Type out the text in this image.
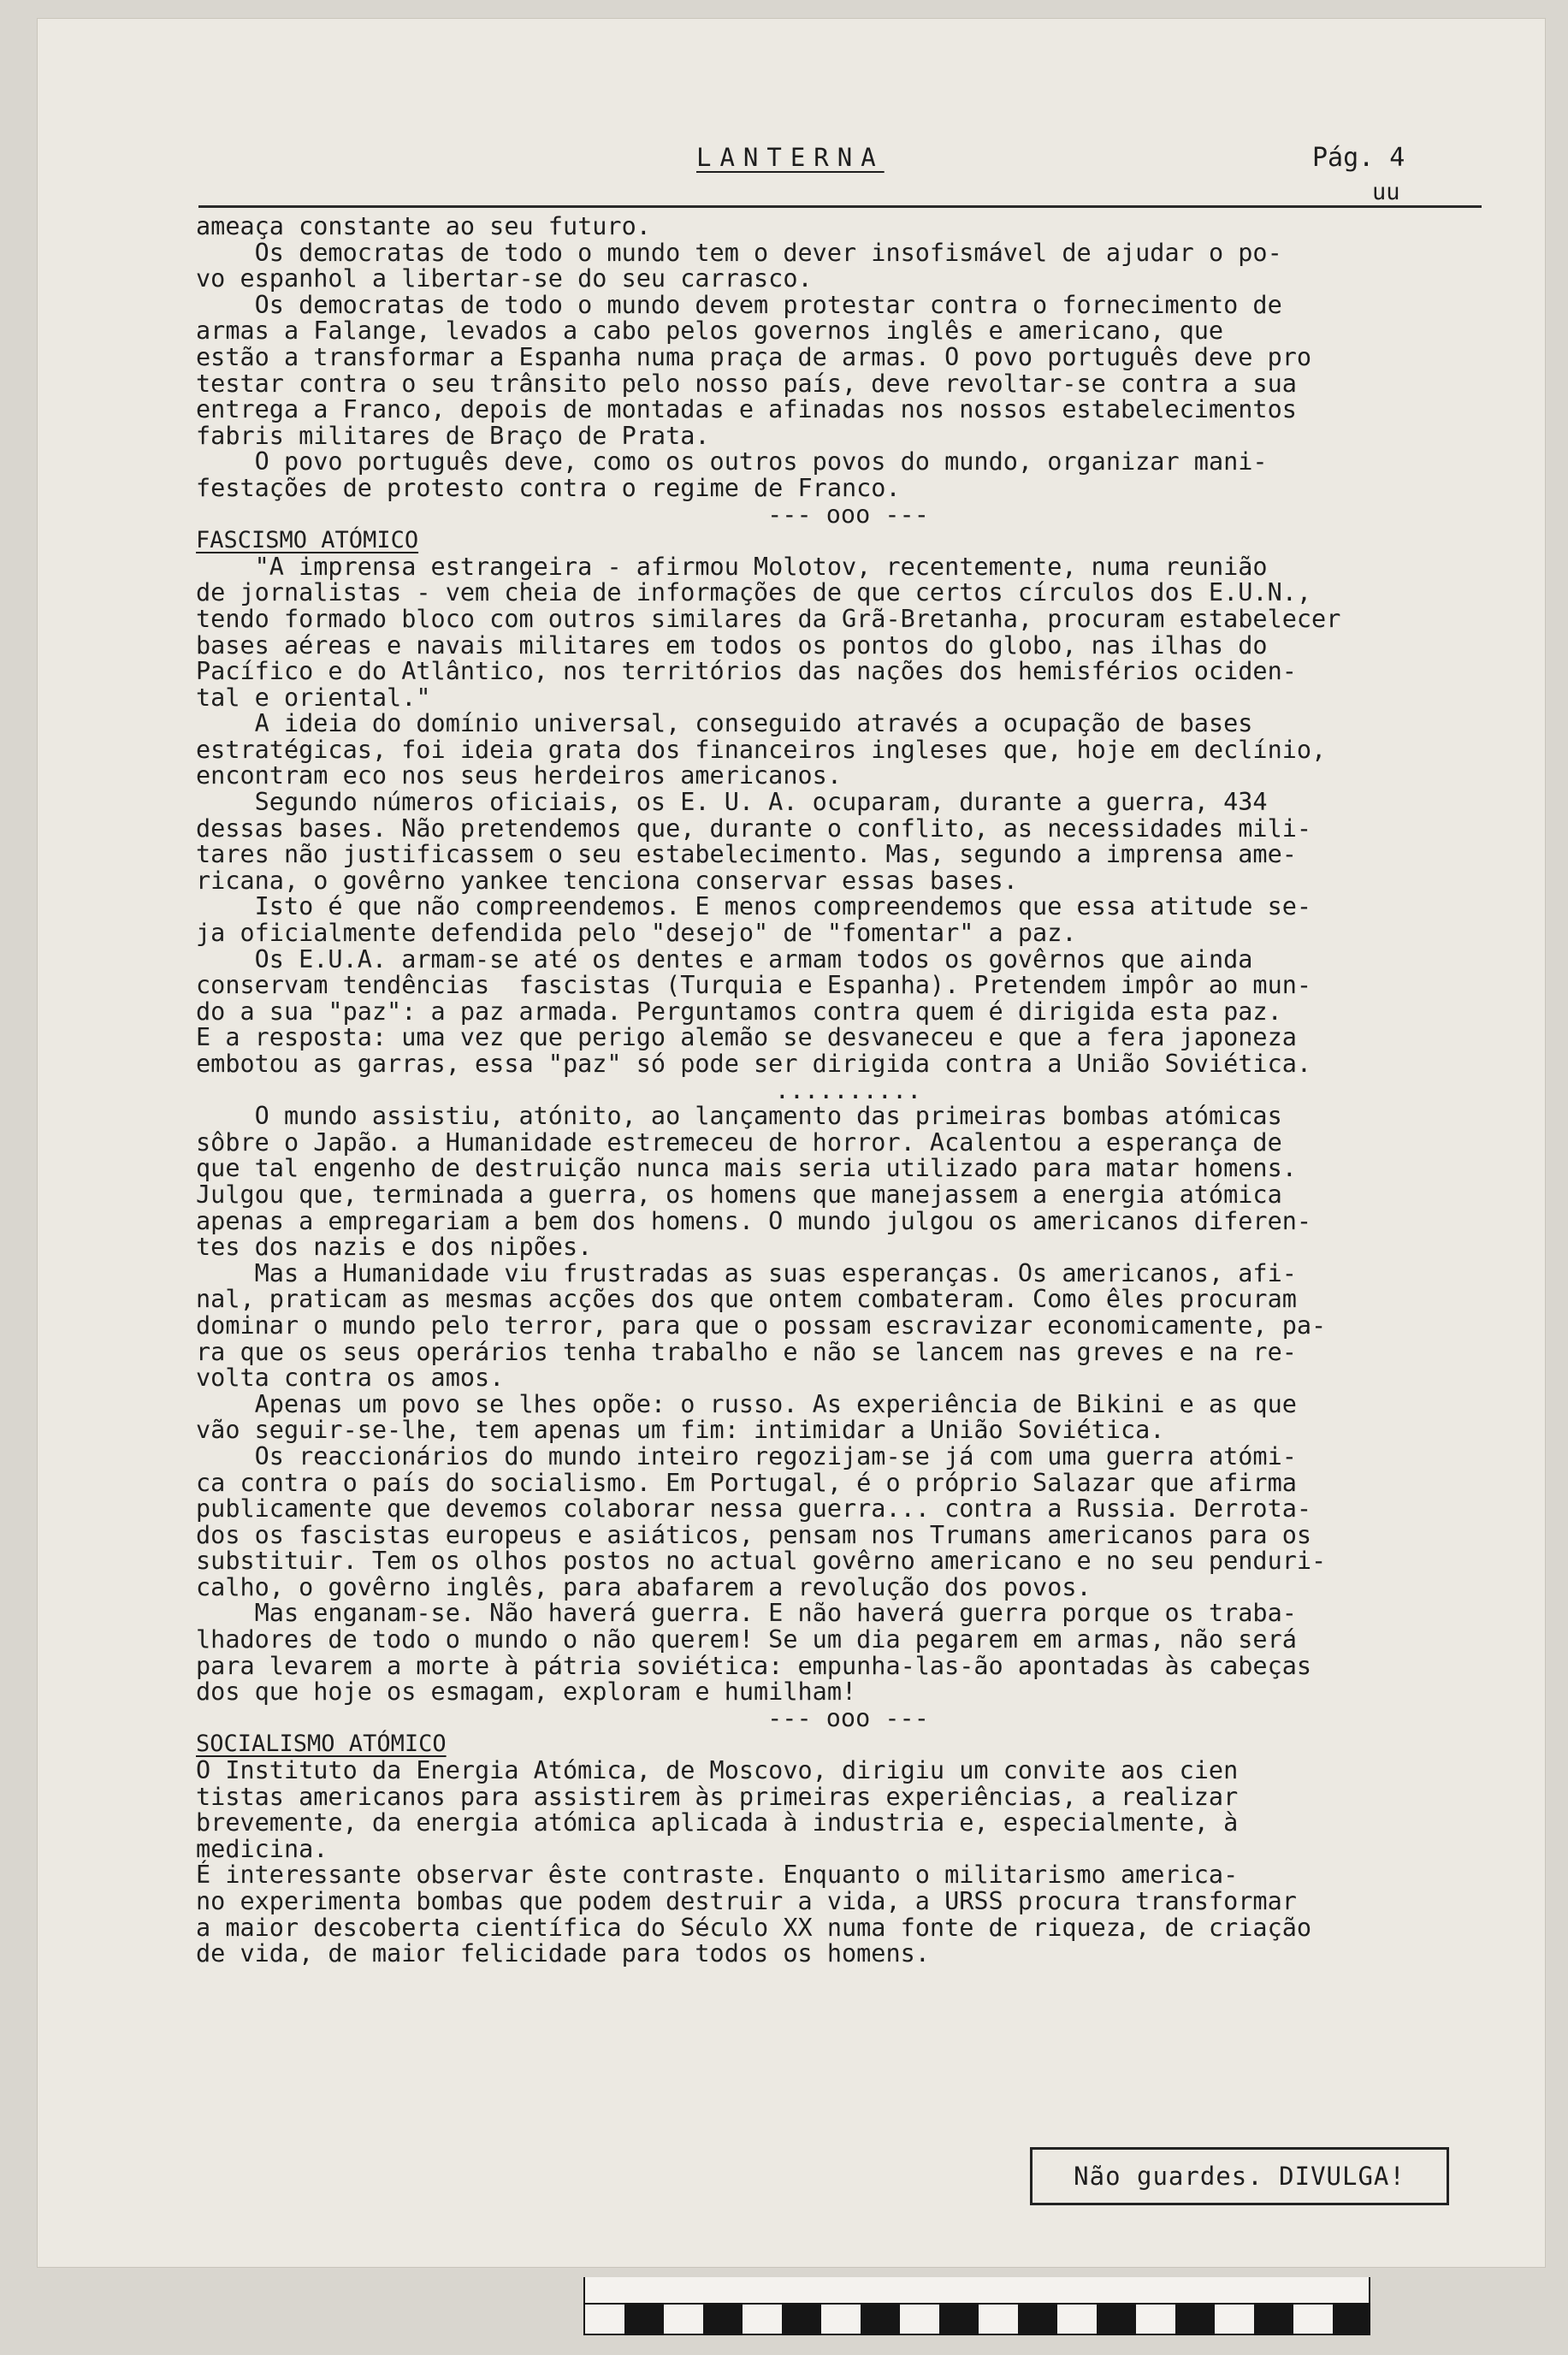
LANTERNA	Pág. 4
uu

ameaça constante ao seu futuro.

Os democratas de todo o mundo tem o dever insofismável de ajudar o po-

vo espanhol a libertar-se do seu carrasco.

Os democratas de todo o mundo devem protestar contra o fornecimento de

armas a Falange, levados a cabo pelos governos inglês e americano, que

estão a transformar a Espanha numa praça de armas. O povo português deve pro

testar contra o seu trânsito pelo nosso país, deve revoltar-se contra a sua

entrega a Franco, depois de montadas e afinadas nos nossos estabelecimentos

fabris militares de Braço de Prata.

O povo português deve, como os outros povos do mundo, organizar mani-

festações de protesto contra o regime de Franco.

--- ooo ---

FASCISMO ATÓMICO

"A imprensa estrangeira - afirmou Molotov, recentemente, numa reunião

de jornalistas - vem cheia de informações de que certos círculos dos E.U.N.,

tendo formado bloco com outros similares da Grã-Bretanha, procuram estabelecer

bases aéreas e navais militares em todos os pontos do globo, nas ilhas do

Pacífico e do Atlântico, nos territórios das nações dos hemisférios ociden-

tal e oriental."

A ideia do domínio universal, conseguido através a ocupação de bases

estratégicas, foi ideia grata dos financeiros ingleses que, hoje em declínio,

encontram eco nos seus herdeiros americanos.

Segundo números oficiais, os E. U. A. ocuparam, durante a guerra, 434

dessas bases. Não pretendemos que, durante o conflito, as necessidades mili-

tares não justificassem o seu estabelecimento. Mas, segundo a imprensa ame-

ricana, o govêrno yankee tenciona conservar essas bases.

Isto é que não compreendemos. E menos compreendemos que essa atitude se-

ja oficialmente defendida pelo "desejo" de "fomentar" a paz.

Os E.U.A. armam-se até os dentes e armam todos os govêrnos que ainda

conservam tendências  fascistas (Turquia e Espanha). Pretendem impôr ao mun-

do a sua "paz": a paz armada. Perguntamos contra quem é dirigida esta paz.

E a resposta: uma vez que perigo alemão se desvaneceu e que a fera japoneza

embotou as garras, essa "paz" só pode ser dirigida contra a União Soviética.

..........

O mundo assistiu, atónito, ao lançamento das primeiras bombas atómicas

sôbre o Japão. a Humanidade estremeceu de horror. Acalentou a esperança de

que tal engenho de destruição nunca mais seria utilizado para matar homens.

Julgou que, terminada a guerra, os homens que manejassem a energia atómica

apenas a empregariam a bem dos homens. O mundo julgou os americanos diferen-

tes dos nazis e dos nipões.

Mas a Humanidade viu frustradas as suas esperanças. Os americanos, afi-

nal, praticam as mesmas acções dos que ontem combateram. Como êles procuram

dominar o mundo pelo terror, para que o possam escravizar economicamente, pa-

ra que os seus operários tenha trabalho e não se lancem nas greves e na re-

volta contra os amos.

Apenas um povo se lhes opõe: o russo. As experiência de Bikini e as que

vão seguir-se-lhe, tem apenas um fim: intimidar a União Soviética.

Os reaccionários do mundo inteiro regozijam-se já com uma guerra atómi-

ca contra o país do socialismo. Em Portugal, é o próprio Salazar que afirma

publicamente que devemos colaborar nessa guerra... contra a Russia. Derrota-

dos os fascistas europeus e asiáticos, pensam nos Trumans americanos para os

substituir. Tem os olhos postos no actual govêrno americano e no seu penduri-

calho, o govêrno inglês, para abafarem a revolução dos povos.

Mas enganam-se. Não haverá guerra. E não haverá guerra porque os traba-

lhadores de todo o mundo o não querem! Se um dia pegarem em armas, não será

para levarem a morte à pátria soviética: empunha-las-ão apontadas às cabeças

dos que hoje os esmagam, exploram e humilham!

--- ooo ---

SOCIALISMO ATÓMICO

O Instituto da Energia Atómica, de Moscovo, dirigiu um convite aos cien

tistas americanos para assistirem às primeiras experiências, a realizar

brevemente, da energia atómica aplicada à industria e, especialmente, à

medicina.

É interessante observar êste contraste. Enquanto o militarismo america-

no experimenta bombas que podem destruir a vida, a URSS procura transformar

a maior descoberta científica do Século XX numa fonte de riqueza, de criação

de vida, de maior felicidade para todos os homens.

Não guardes. DIVULGA!
